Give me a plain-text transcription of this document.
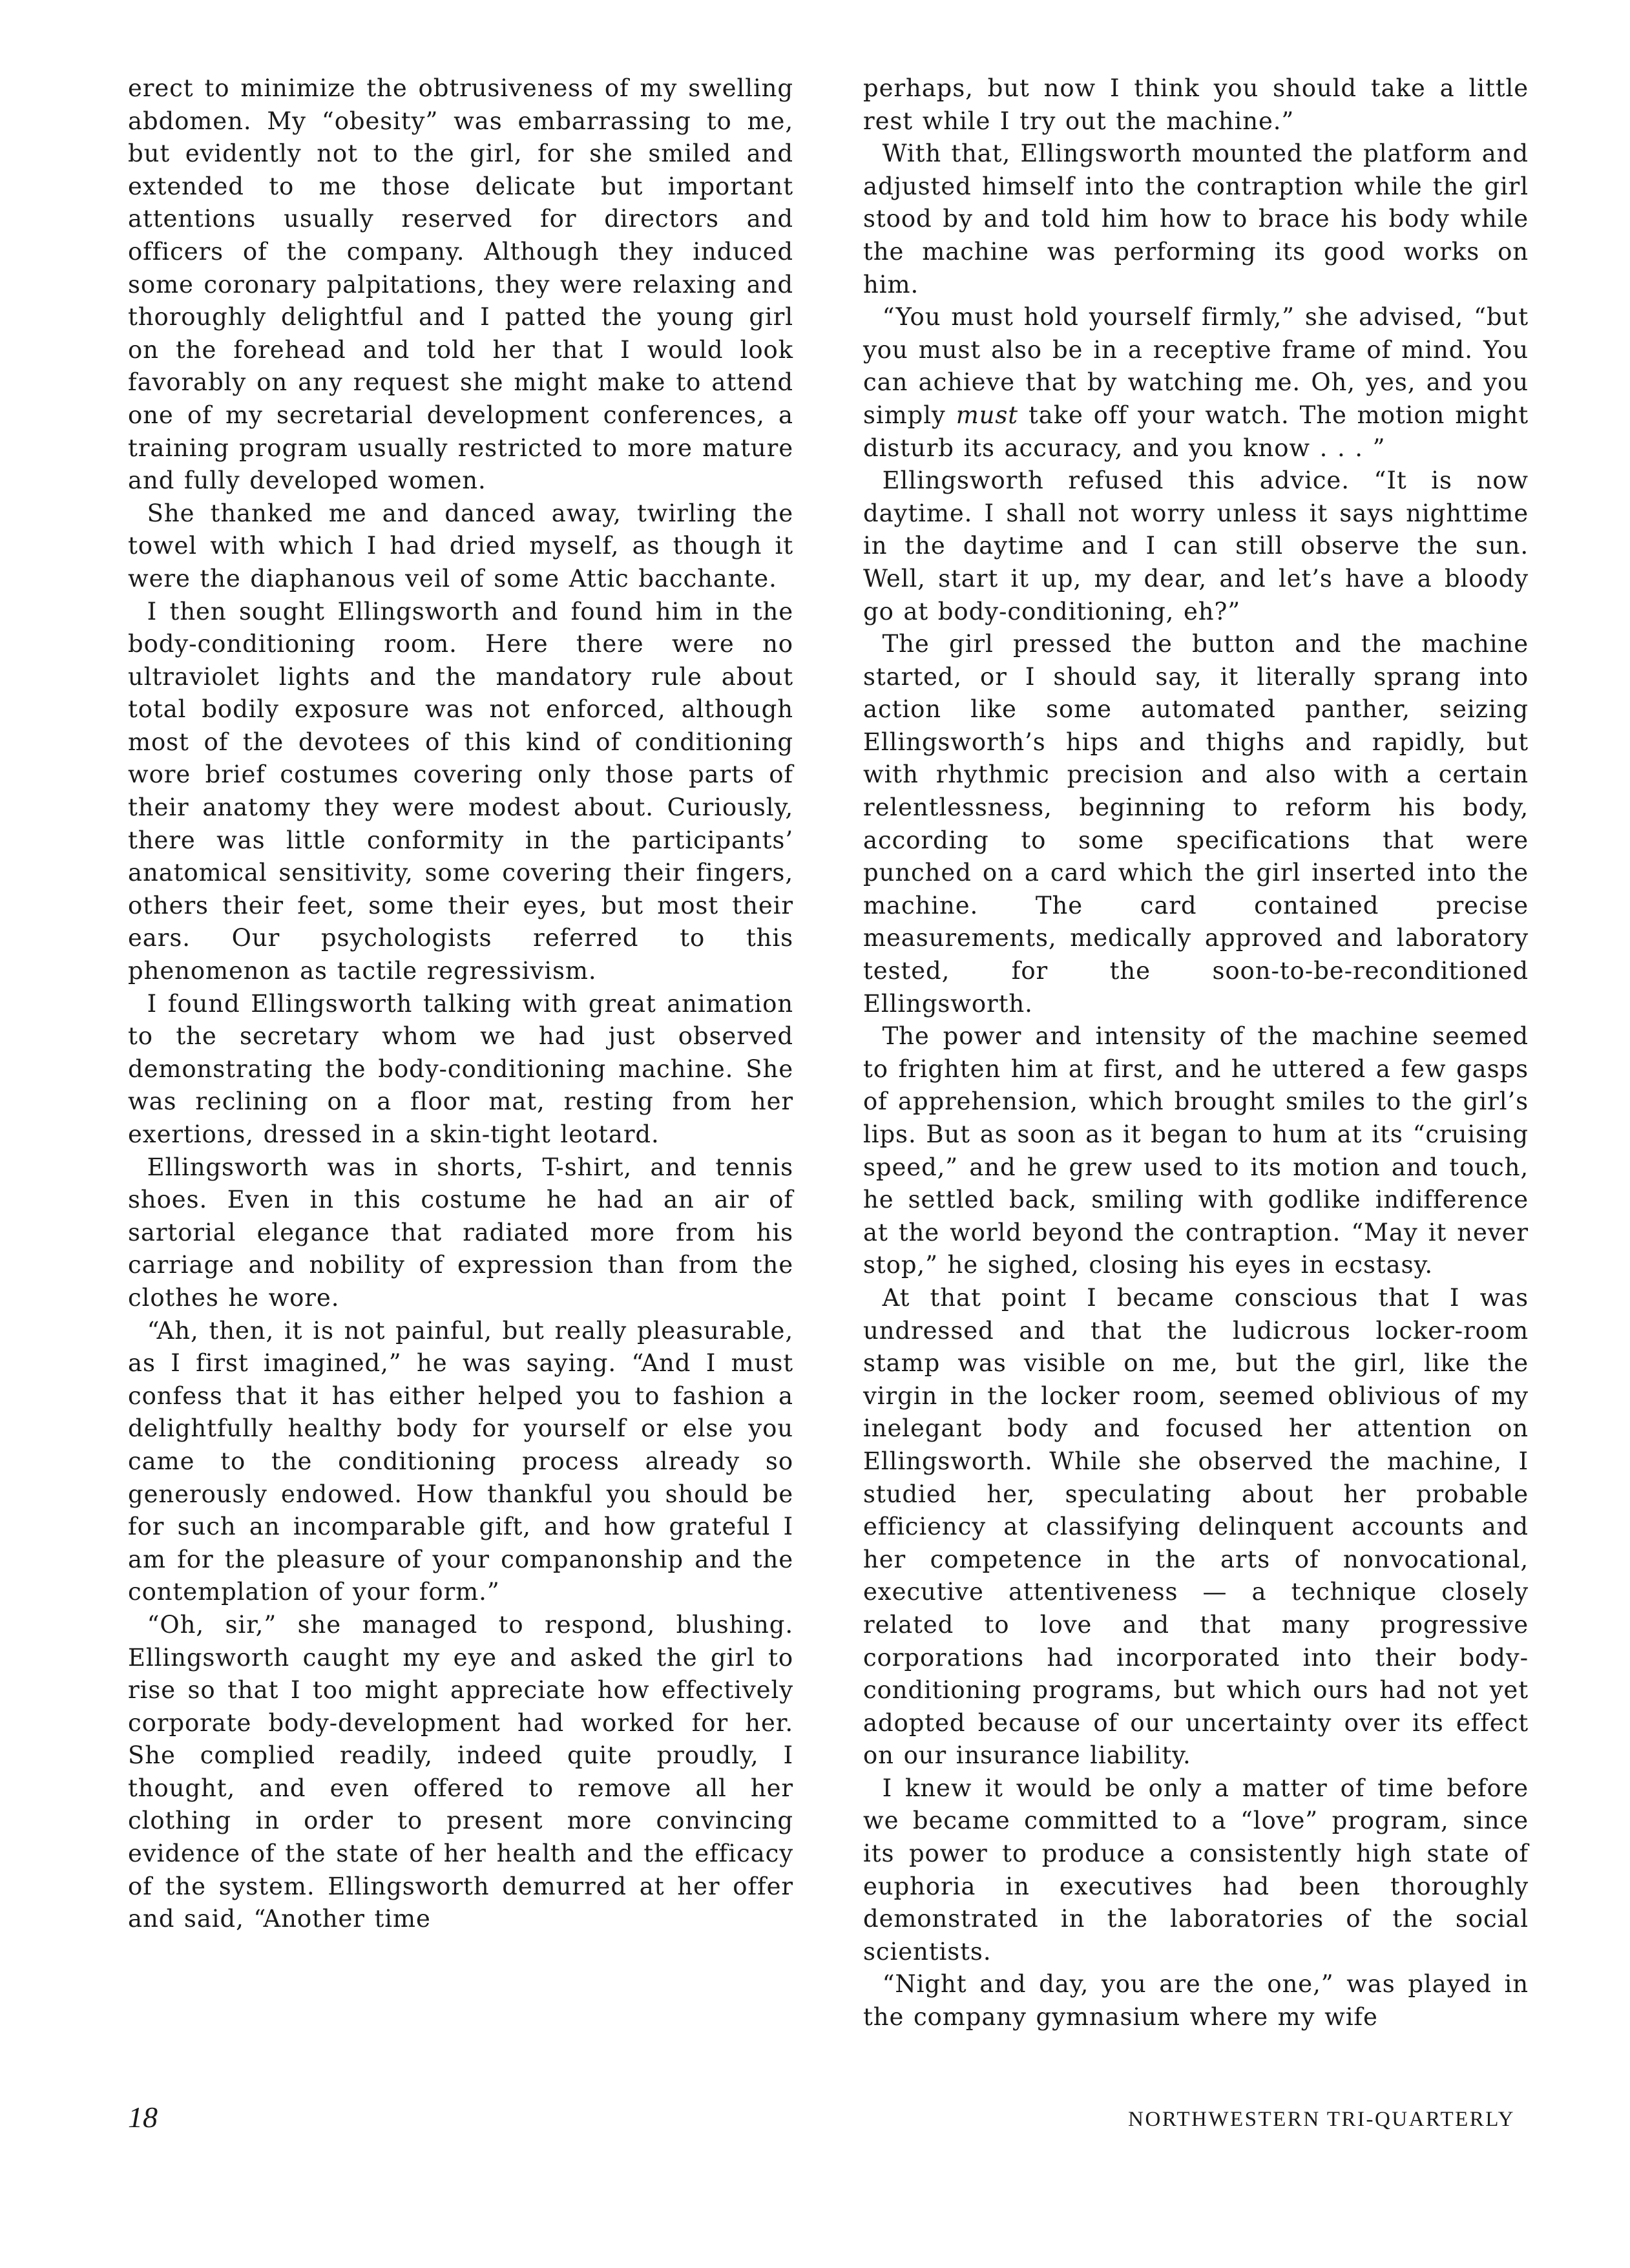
erect to minimize the obtrusiveness of my swelling abdomen. My “obesity” was embarrassing to me, but evidently not to the girl, for she smiled and extended to me those delicate but important attentions usually reserved for directors and officers of the company. Although they induced some coronary palpitations, they were relaxing and thoroughly delightful and I patted the young girl on the forehead and told her that I would look favorably on any request she might make to attend one of my secretarial development conferences, a training program usually restricted to more mature and fully developed women.

She thanked me and danced away, twirling the towel with which I had dried myself, as though it were the diaphanous veil of some Attic bacchante.

I then sought Ellingsworth and found him in the body-conditioning room. Here there were no ultraviolet lights and the mandatory rule about total bodily exposure was not enforced, although most of the devotees of this kind of conditioning wore brief costumes covering only those parts of their anatomy they were modest about. Curiously, there was little conformity in the participants’ anatomical sensitivity, some covering their fingers, others their feet, some their eyes, but most their ears. Our psychologists referred to this phenomenon as tactile regressivism.

I found Ellingsworth talking with great animation to the secretary whom we had just observed demonstrating the body-conditioning machine. She was reclining on a floor mat, resting from her exertions, dressed in a skin-tight leotard.

Ellingsworth was in shorts, T-shirt, and tennis shoes. Even in this costume he had an air of sartorial elegance that radiated more from his carriage and nobility of expression than from the clothes he wore.

“Ah, then, it is not painful, but really pleasurable, as I first imagined,” he was saying. “And I must confess that it has either helped you to fashion a delightfully healthy body for yourself or else you came to the conditioning process already so generously endowed. How thankful you should be for such an incomparable gift, and how grateful I am for the pleasure of your companonship and the contemplation of your form.”

“Oh, sir,” she managed to respond, blushing. Ellingsworth caught my eye and asked the girl to rise so that I too might appreciate how effectively corporate body-development had worked for her. She complied readily, indeed quite proudly, I thought, and even offered to remove all her clothing in order to present more convincing evidence of the state of her health and the efficacy of the system. Ellingsworth demurred at her offer and said, “Another time

perhaps, but now I think you should take a little rest while I try out the machine.”

With that, Ellingsworth mounted the platform and adjusted himself into the contraption while the girl stood by and told him how to brace his body while the machine was performing its good works on him.

“You must hold yourself firmly,” she advised, “but you must also be in a receptive frame of mind. You can achieve that by watching me. Oh, yes, and you simply must take off your watch. The motion might disturb its accuracy, and you know . . . ”

Ellingsworth refused this advice. “It is now daytime. I shall not worry unless it says nighttime in the daytime and I can still observe the sun. Well, start it up, my dear, and let’s have a bloody go at body-conditioning, eh?”

The girl pressed the button and the machine started, or I should say, it literally sprang into action like some automated panther, seizing Ellingsworth’s hips and thighs and rapidly, but with rhythmic precision and also with a certain relentlessness, beginning to reform his body, according to some specifications that were punched on a card which the girl inserted into the machine. The card contained precise measurements, medically approved and laboratory tested, for the soon-to-be-reconditioned Ellingsworth.

The power and intensity of the machine seemed to frighten him at first, and he uttered a few gasps of apprehension, which brought smiles to the girl’s lips. But as soon as it began to hum at its “cruising speed,” and he grew used to its motion and touch, he settled back, smiling with godlike indifference at the world beyond the contraption. “May it never stop,” he sighed, closing his eyes in ecstasy.

At that point I became conscious that I was undressed and that the ludicrous locker-room stamp was visible on me, but the girl, like the virgin in the locker room, seemed oblivious of my inelegant body and focused her attention on Ellingsworth. While she observed the machine, I studied her, speculating about her probable efficiency at classifying delinquent accounts and her competence in the arts of nonvocational, executive attentiveness — a technique closely related to love and that many progressive corporations had incorporated into their body-conditioning programs, but which ours had not yet adopted because of our uncertainty over its effect on our insurance liability.

I knew it would be only a matter of time before we became committed to a “love” program, since its power to produce a consistently high state of euphoria in executives had been thoroughly demonstrated in the laboratories of the social scientists.

“Night and day, you are the one,” was played in the company gymnasium where my wife

18	NORTHWESTERN TRI-QUARTERLY
